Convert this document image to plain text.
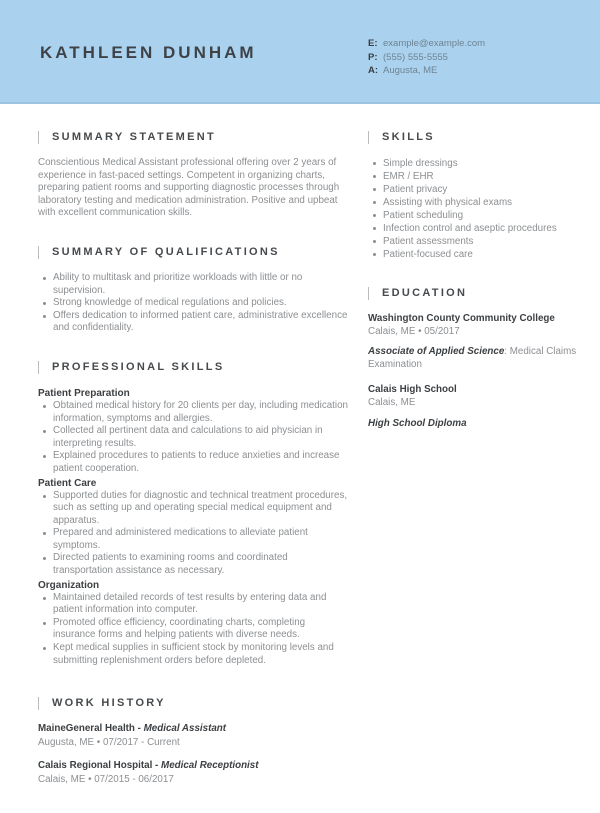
KATHLEEN DUNHAM	E: example@example.com
P: (555) 555-5555
A: Augusta, ME
SUMMARY STATEMENT
Conscientious Medical Assistant professional offering over 2 years of experience in fast-paced settings. Competent in organizing charts, preparing patient rooms and supporting diagnostic processes through laboratory testing and medication administration. Positive and upbeat with excellent communication skills.
SUMMARY OF QUALIFICATIONS
Ability to multitask and prioritize workloads with little or no supervision.
Strong knowledge of medical regulations and policies.
Offers dedication to informed patient care, administrative excellence and confidentiality.
PROFESSIONAL SKILLS
Patient Preparation
Obtained medical history for 20 clients per day, including medication information, symptoms and allergies.
Collected all pertinent data and calculations to aid physician in interpreting results.
Explained procedures to patients to reduce anxieties and increase patient cooperation.
Patient Care
Supported duties for diagnostic and technical treatment procedures, such as setting up and operating special medical equipment and apparatus.
Prepared and administered medications to alleviate patient symptoms.
Directed patients to examining rooms and coordinated transportation assistance as necessary.
Organization
Maintained detailed records of test results by entering data and patient information into computer.
Promoted office efficiency, coordinating charts, completing insurance forms and helping patients with diverse needs.
Kept medical supplies in sufficient stock by monitoring levels and submitting replenishment orders before depleted.
WORK HISTORY
MaineGeneral Health - Medical Assistant
Augusta, ME • 07/2017 - Current
Calais Regional Hospital - Medical Receptionist
Calais, ME • 07/2015 - 06/2017
SKILLS
Simple dressings
EMR / EHR
Patient privacy
Assisting with physical exams
Patient scheduling
Infection control and aseptic procedures
Patient assessments
Patient-focused care
EDUCATION
Washington County Community College
Calais, ME • 05/2017
Associate of Applied Science: Medical Claims Examination
Calais High School
Calais, ME
High School Diploma
